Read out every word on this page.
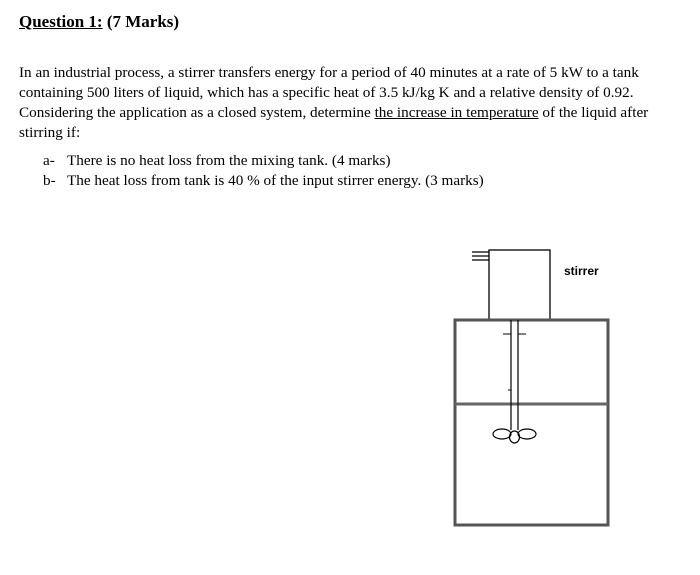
Question 1: (7 Marks)
In an industrial process, a stirrer transfers energy for a period of 40 minutes at a rate of 5 kW to a tank containing 500 liters of liquid, which has a specific heat of 3.5 kJ/kg K and a relative density of 0.92. Considering the application as a closed system, determine the increase in temperature of the liquid after stirring if:
a- There is no heat loss from the mixing tank. (4 marks)
b- The heat loss from tank is 40 % of the input stirrer energy. (3 marks)
stirrer
